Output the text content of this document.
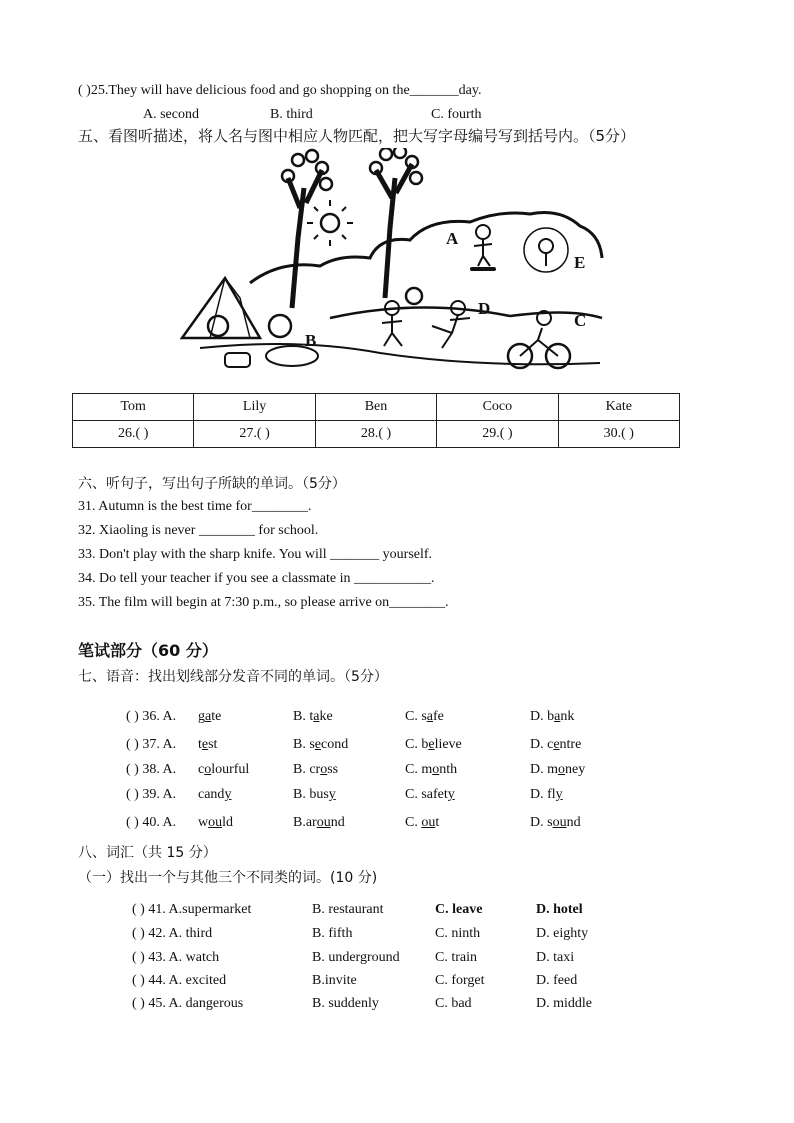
( )25.They will have delicious food and go shopping on the_______day.
A. second	B. third	C. fourth
五、看图听描述，将人名与图中相应人物匹配，把大写字母编号写到括号内。（5分）
A
B
C
D
E
Tom	Lily	Ben	Coco	Kate
26.( )	27.( )	28.( )	29.( )	30.( )
六、听句子，写出句子所缺的单词。（5分）
31. Autumn is the best time for________.
32. Xiaoling is never ________ for school.
33. Don't play with the sharp knife. You will _______ yourself.
34. Do tell your teacher if you see a classmate in ___________.
35. The film will begin at 7:30 p.m., so please arrive on________.
笔试部分（60 分）
七、语音：找出划线部分发音不同的单词。（5分）
( ) 36. A. gate	B. take	C. safe	D. bank
( ) 37. A. test	B. second	C. believe	D. centre
( ) 38. A. colourful	B. cross	C. month	D. money
( ) 39. A. candy	B. busy	C. safety	D. fly
( ) 40. A. would	B.around	C. out	D. sound
八、词汇（共 15 分）
（一）找出一个与其他三个不同类的词。(10 分)
( ) 41. A.supermarket	B. restaurant	C. leave	D. hotel
( ) 42. A. third	B. fifth	C. ninth	D. eighty
( ) 43. A. watch	B. underground	C. train	D. taxi
( ) 44. A. excited	B.invite	C. forget	D. feed
( ) 45. A. dangerous	B. suddenly	C. bad	D. middle
